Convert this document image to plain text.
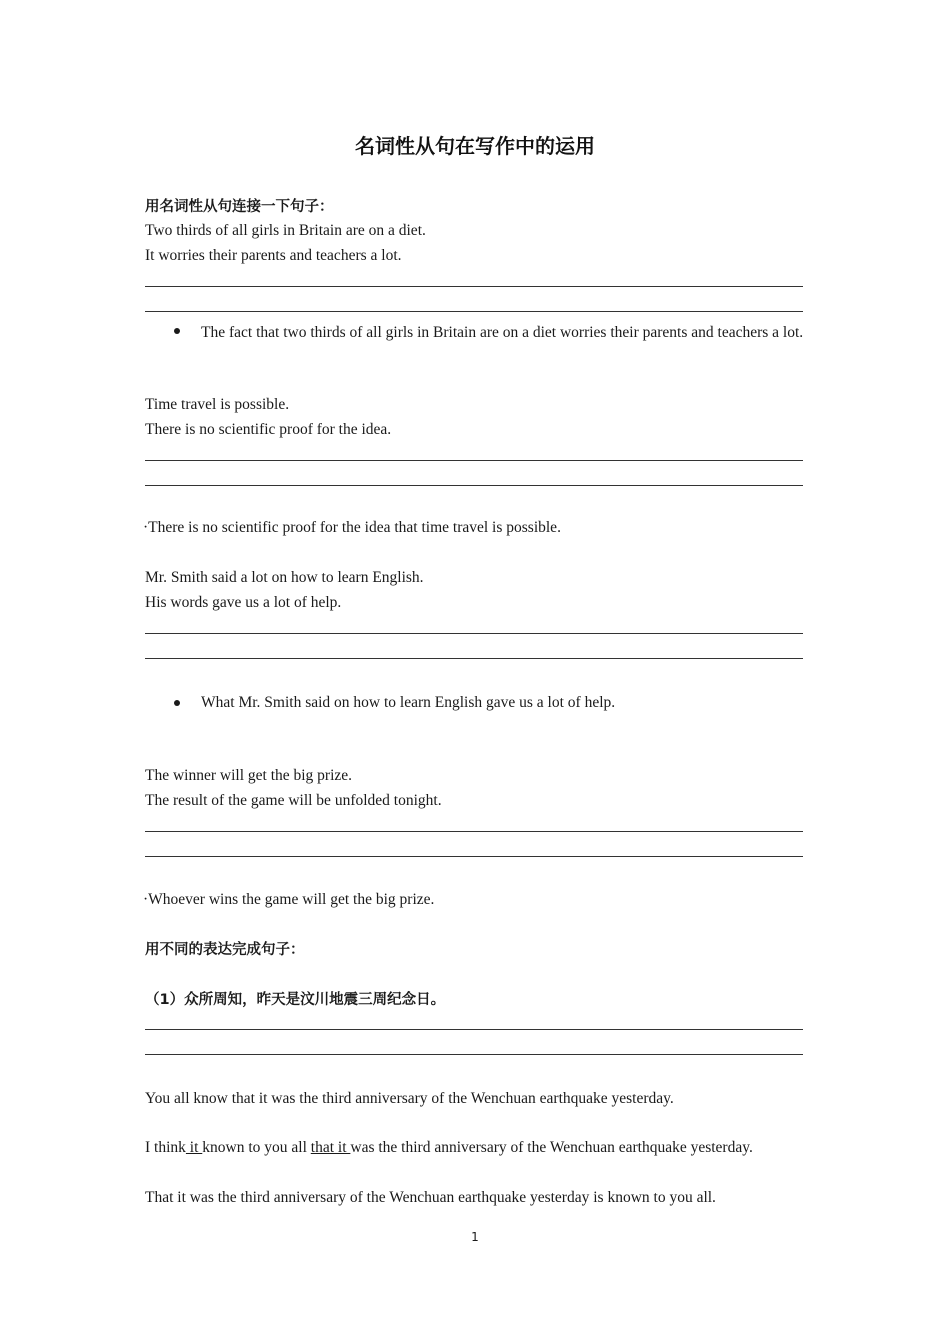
名词性从句在写作中的运用
用名词性从句连接一下句子：
Two thirds of all girls in Britain are on a diet.
It worries their parents and teachers a lot.
The fact that two thirds of all girls in Britain are on a diet worries their parents and teachers a lot.
Time travel is possible.
There is no scientific proof for the idea.
·There is no scientific proof for the idea that time travel is possible.
Mr. Smith said a lot on how to learn English.
His words gave us a lot of help.
What Mr. Smith said on how to learn English gave us a lot of help.
The winner will get the big prize.
The result of the game will be unfolded tonight.
·Whoever wins the game will get the big prize.
用不同的表达完成句子：
（1）众所周知，昨天是汶川地震三周纪念日。
You all know that it was the third anniversary of the Wenchuan earthquake yesterday.
I think it known to you all that it was the third anniversary of the Wenchuan earthquake yesterday.
That it was the third anniversary of the Wenchuan earthquake yesterday is known to you all.
1
